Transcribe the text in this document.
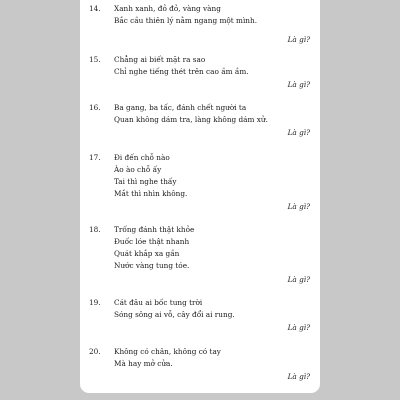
14.	Xanh xanh, đỏ đỏ, vàng vàng
Bắc cầu thiên lý nằm ngang một mình.
Là gì?
15.	Chẳng ai biết mặt ra sao
Chỉ nghe tiếng thét trên cao ầm ầm.
Là gì?
16.	Ba gang, ba tấc, đánh chết người ta
Quan không dám tra, làng không dám xử.
Là gì?
17.	Đi đến chỗ nào
Ào ào chỗ ấy
Tai thì nghe thấy
Mắt thì nhìn không.
Là gì?
18.	Trống đánh thật khỏe
Đuốc lóe thật nhanh
Quát khắp xa gần
Nước vàng tung tóe.
Là gì?
19.	Cát đâu ai bốc tung trời
Sóng sông ai vỗ, cây đổi ai rung.
Là gì?
20.	Không có chân, không có tay
Mà hay mở cửa.
Là gì?
